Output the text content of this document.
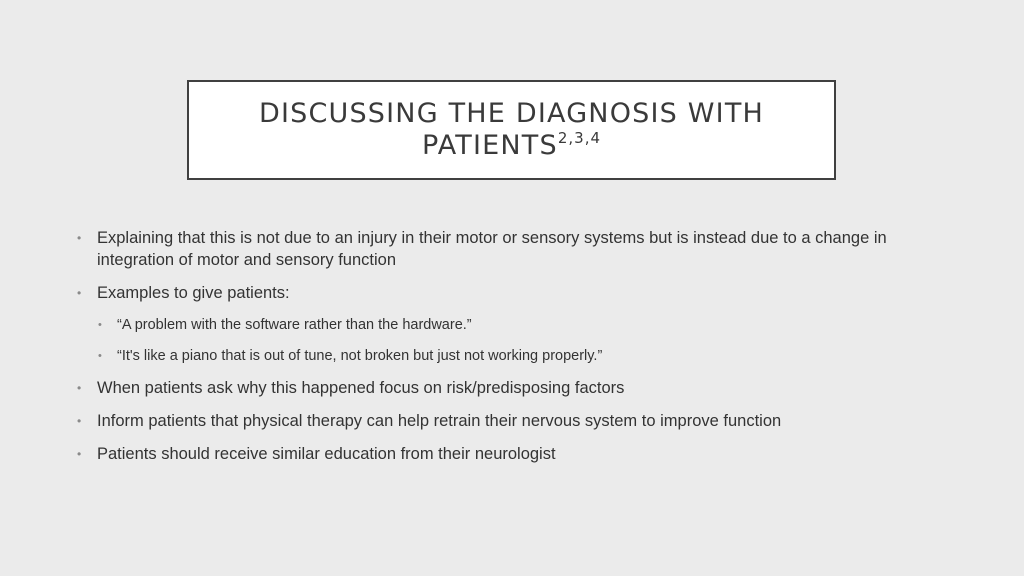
DISCUSSING THE DIAGNOSIS WITH
PATIENTS$^{2,3,4}$
• Explaining that this is not due to an injury in their motor or sensory systems but is instead due to a change in integration of motor and sensory function
• Examples to give patients:
• “A problem with the software rather than the hardware.”
• “It's like a piano that is out of tune, not broken but just not working properly.”
• When patients ask why this happened focus on risk/predisposing factors
• Inform patients that physical therapy can help retrain their nervous system to improve function
• Patients should receive similar education from their neurologist
